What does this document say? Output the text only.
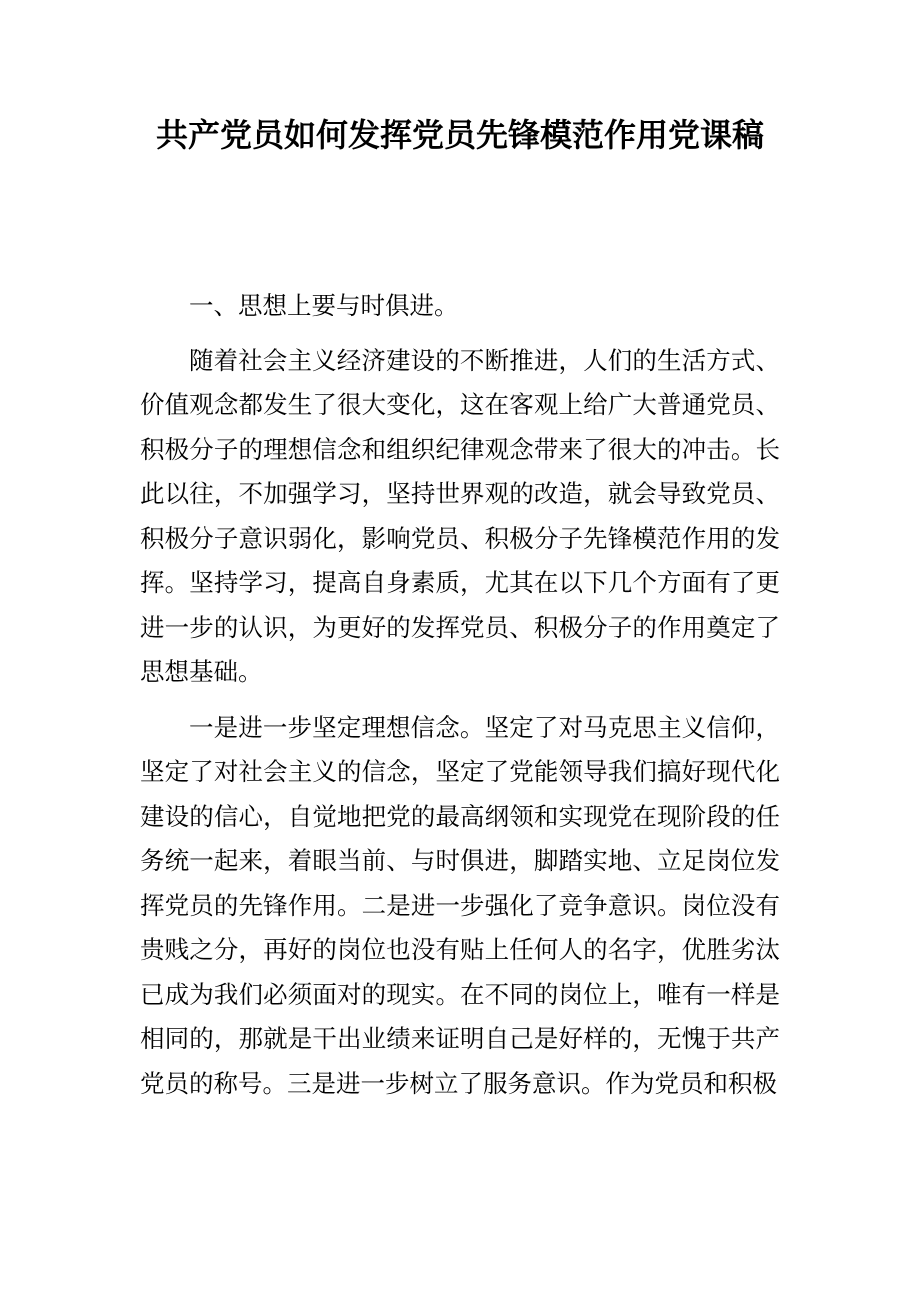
共产党员如何发挥党员先锋模范作用党课稿

一、思想上要与时俱进。

随着社会主义经济建设的不断推进，人们的生活方式、价值观念都发生了很大变化，这在客观上给广大普通党员、积极分子的理想信念和组织纪律观念带来了很大的冲击。长此以往，不加强学习，坚持世界观的改造，就会导致党员、积极分子意识弱化，影响党员、积极分子先锋模范作用的发挥。坚持学习，提高自身素质，尤其在以下几个方面有了更进一步的认识，为更好的发挥党员、积极分子的作用奠定了思想基础。

一是进一步坚定理想信念。坚定了对马克思主义信仰，坚定了对社会主义的信念，坚定了党能领导我们搞好现代化建设的信心，自觉地把党的最高纲领和实现党在现阶段的任务统一起来，着眼当前、与时俱进，脚踏实地、立足岗位发挥党员的先锋作用。二是进一步强化了竞争意识。岗位没有贵贱之分，再好的岗位也没有贴上任何人的名字，优胜劣汰已成为我们必须面对的现实。在不同的岗位上，唯有一样是相同的，那就是干出业绩来证明自己是好样的，无愧于共产党员的称号。三是进一步树立了服务意识。作为党员和积极
